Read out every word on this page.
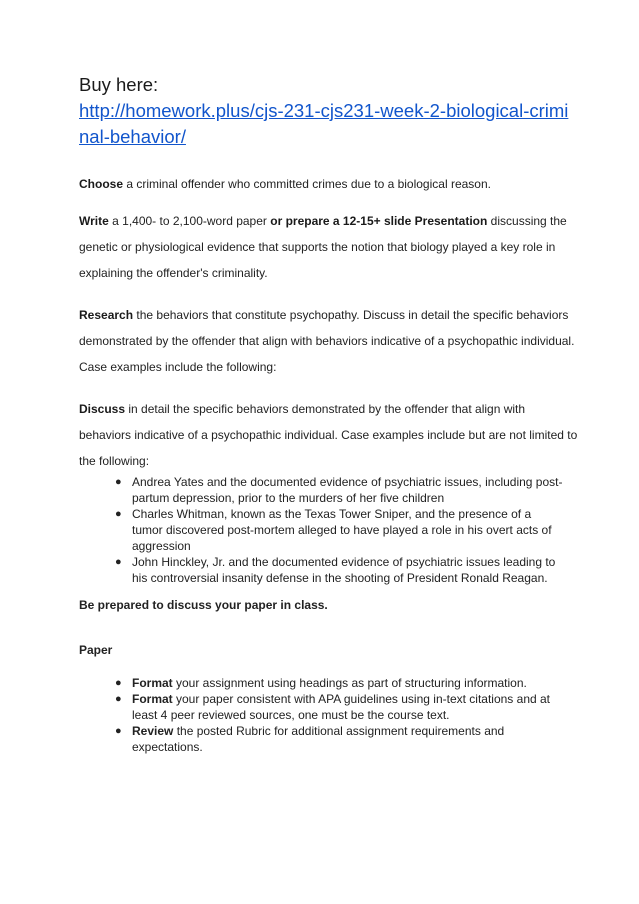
Buy here:

http://homework.plus/cjs-231-cjs231-week-2-biological-criminal-behavior/

Choose a criminal offender who committed crimes due to a biological reason.

Write a 1,400- to 2,100-word paper or prepare a 12-15+ slide Presentation discussing the genetic or physiological evidence that supports the notion that biology played a key role in explaining the offender's criminality.

Research the behaviors that constitute psychopathy. Discuss in detail the specific behaviors demonstrated by the offender that align with behaviors indicative of a psychopathic individual. Case examples include the following:

Discuss in detail the specific behaviors demonstrated by the offender that align with behaviors indicative of a psychopathic individual. Case examples include but are not limited to the following:

● Andrea Yates and the documented evidence of psychiatric issues, including post-partum depression, prior to the murders of her five children
● Charles Whitman, known as the Texas Tower Sniper, and the presence of a tumor discovered post-mortem alleged to have played a role in his overt acts of aggression
● John Hinckley, Jr. and the documented evidence of psychiatric issues leading to his controversial insanity defense in the shooting of President Ronald Reagan.

Be prepared to discuss your paper in class.

Paper

● Format your assignment using headings as part of structuring information.
● Format your paper consistent with APA guidelines using in-text citations and at least 4 peer reviewed sources, one must be the course text.
● Review the posted Rubric for additional assignment requirements and expectations.
